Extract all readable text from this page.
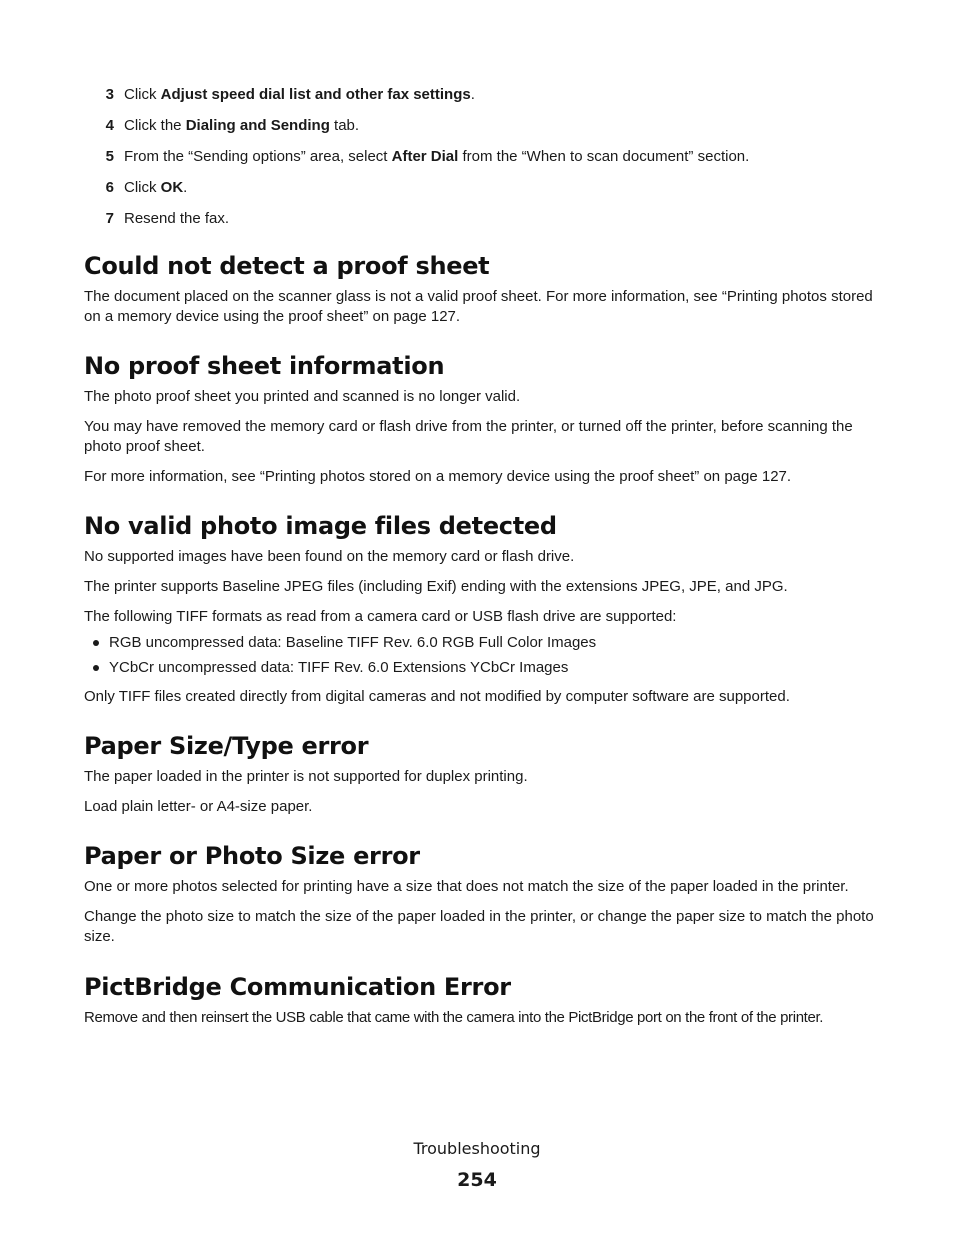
3 Click Adjust speed dial list and other fax settings.
4 Click the Dialing and Sending tab.
5 From the “Sending options” area, select After Dial from the “When to scan document” section.
6 Click OK.
7 Resend the fax.
Could not detect a proof sheet

The document placed on the scanner glass is not a valid proof sheet. For more information, see “Printing photos stored on a memory device using the proof sheet” on page 127.

No proof sheet information

The photo proof sheet you printed and scanned is no longer valid.

You may have removed the memory card or flash drive from the printer, or turned off the printer, before scanning the photo proof sheet.

For more information, see “Printing photos stored on a memory device using the proof sheet” on page 127.

No valid photo image files detected

No supported images have been found on the memory card or flash drive.

The printer supports Baseline JPEG files (including Exif) ending with the extensions JPEG, JPE, and JPG.

The following TIFF formats as read from a camera card or USB flash drive are supported:

RGB uncompressed data: Baseline TIFF Rev. 6.0 RGB Full Color Images
YCbCr uncompressed data: TIFF Rev. 6.0 Extensions YCbCr Images

Only TIFF files created directly from digital cameras and not modified by computer software are supported.

Paper Size/Type error

The paper loaded in the printer is not supported for duplex printing.

Load plain letter- or A4-size paper.

Paper or Photo Size error

One or more photos selected for printing have a size that does not match the size of the paper loaded in the printer.

Change the photo size to match the size of the paper loaded in the printer, or change the paper size to match the photo size.

PictBridge Communication Error

Remove and then reinsert the USB cable that came with the camera into the PictBridge port on the front of the printer.

Troubleshooting
254
